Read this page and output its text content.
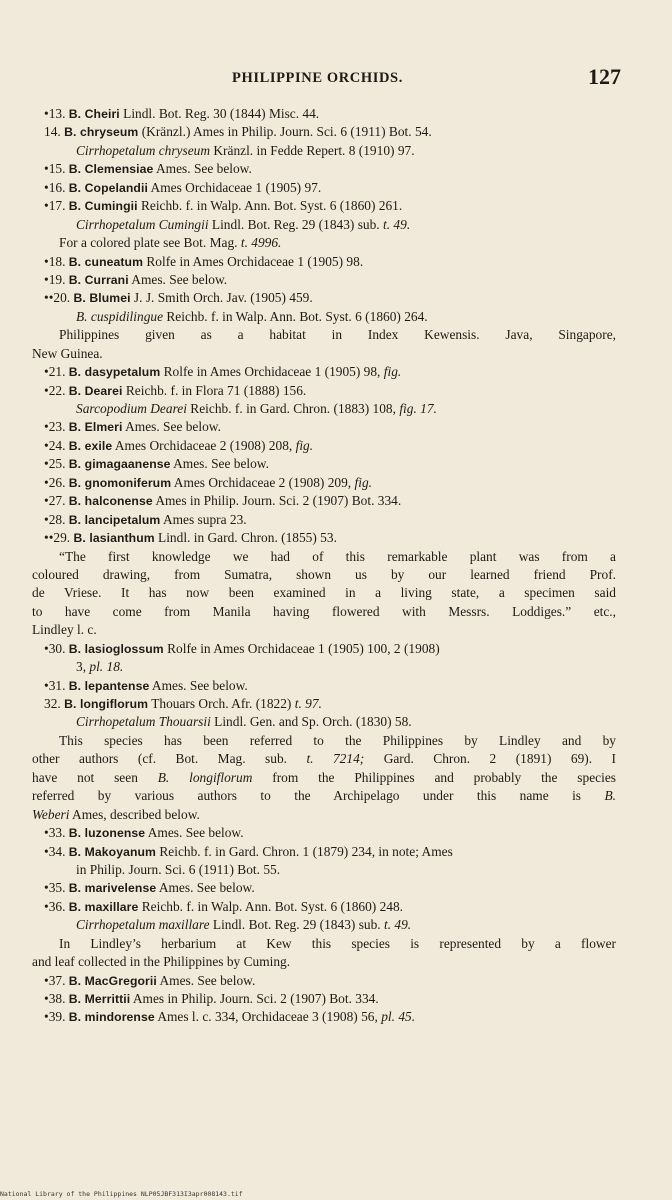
PHILIPPINE ORCHIDS.	127
•13. B. Cheiri Lindl. Bot. Reg. 30 (1844) Misc. 44.
14. B. chryseum (Kränzl.) Ames in Philip. Journ. Sci. 6 (1911) Bot. 54.
Cirrhopetalum chryseum Kränzl. in Fedde Repert. 8 (1910) 97.
•15. B. Clemensiae Ames. See below.
•16. B. Copelandii Ames Orchidaceae 1 (1905) 97.
•17. B. Cumingii Reichb. f. in Walp. Ann. Bot. Syst. 6 (1860) 261.
Cirrhopetalum Cumingii Lindl. Bot. Reg. 29 (1843) sub. t. 49.
For a colored plate see Bot. Mag. t. 4996.
•18. B. cuneatum Rolfe in Ames Orchidaceae 1 (1905) 98.
•19. B. Currani Ames. See below.
••20. B. Blumei J. J. Smith Orch. Jav. (1905) 459.
B. cuspidilingue Reichb. f. in Walp. Ann. Bot. Syst. 6 (1860) 264.
Philippines given as a habitat in Index Kewensis. Java, Singapore,
New Guinea.
•21. B. dasypetalum Rolfe in Ames Orchidaceae 1 (1905) 98, fig.
•22. B. Dearei Reichb. f. in Flora 71 (1888) 156.
Sarcopodium Dearei Reichb. f. in Gard. Chron. (1883) 108, fig. 17.
•23. B. Elmeri Ames. See below.
•24. B. exile Ames Orchidaceae 2 (1908) 208, fig.
•25. B. gimagaanense Ames. See below.
•26. B. gnomoniferum Ames Orchidaceae 2 (1908) 209, fig.
•27. B. halconense Ames in Philip. Journ. Sci. 2 (1907) Bot. 334.
•28. B. lancipetalum Ames supra 23.
••29. B. lasianthum Lindl. in Gard. Chron. (1855) 53.
“The first knowledge we had of this remarkable plant was from a
coloured drawing, from Sumatra, shown us by our learned friend Prof.
de Vriese. It has now been examined in a living state, a specimen said
to have come from Manila having flowered with Messrs. Loddiges.” etc.,
Lindley l. c.
•30. B. lasioglossum Rolfe in Ames Orchidaceae 1 (1905) 100, 2 (1908)
3, pl. 18.
•31. B. lepantense Ames. See below.
32. B. longiflorum Thouars Orch. Afr. (1822) t. 97.
Cirrhopetalum Thouarsii Lindl. Gen. and Sp. Orch. (1830) 58.
This species has been referred to the Philippines by Lindley and by
other authors (cf. Bot. Mag. sub. t. 7214; Gard. Chron. 2 (1891) 69). I
have not seen B. longiflorum from the Philippines and probably the species
referred by various authors to the Archipelago under this name is B.
Weberi Ames, described below.
•33. B. luzonense Ames. See below.
•34. B. Makoyanum Reichb. f. in Gard. Chron. 1 (1879) 234, in note; Ames
in Philip. Journ. Sci. 6 (1911) Bot. 55.
•35. B. marivelense Ames. See below.
•36. B. maxillare Reichb. f. in Walp. Ann. Bot. Syst. 6 (1860) 248.
Cirrhopetalum maxillare Lindl. Bot. Reg. 29 (1843) sub. t. 49.
In Lindley’s herbarium at Kew this species is represented by a flower
and leaf collected in the Philippines by Cuming.
•37. B. MacGregorii Ames. See below.
•38. B. Merrittii Ames in Philip. Journ. Sci. 2 (1907) Bot. 334.
•39. B. mindorense Ames l. c. 334, Orchidaceae 3 (1908) 56, pl. 45.
National Library of the Philippines NLP05JBF313I3apr008143.tif
